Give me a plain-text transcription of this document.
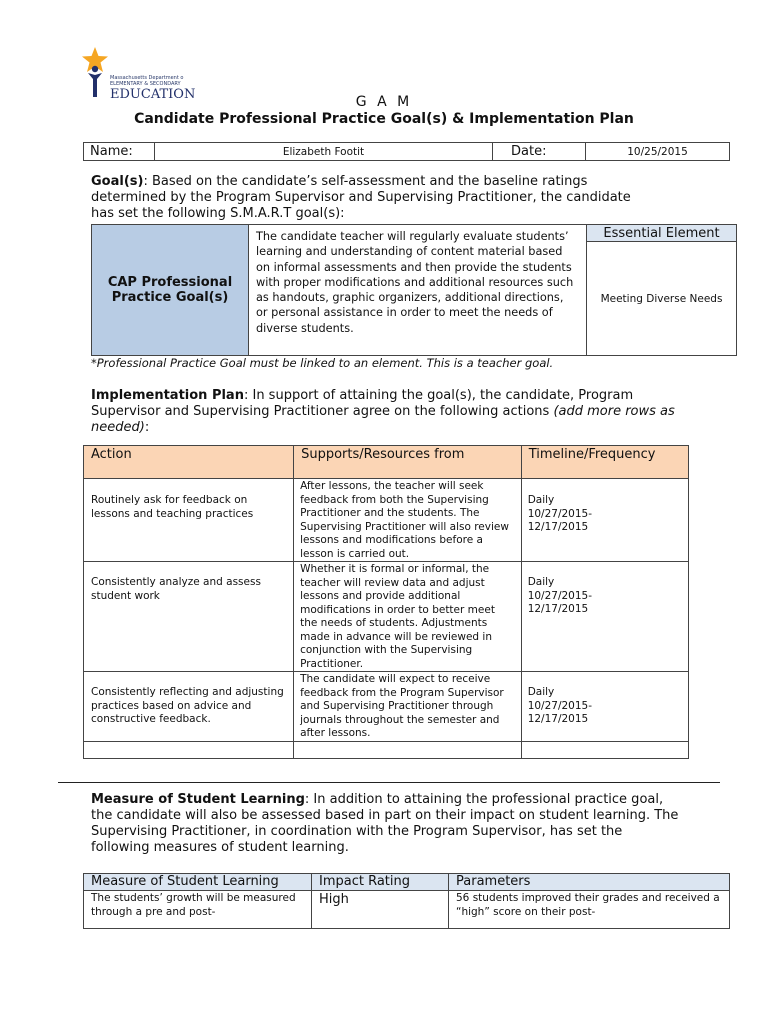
Massachusetts Department o
ELEMENTARY & SECONDARY
EDUCATION	G A M
Candidate Professional Practice Goal(s) & Implementation Plan
Name:	Elizabeth Footit	Date:	10/25/2015
Goal(s): Based on the candidate’s self-assessment and the baseline ratings determined by the Program Supervisor and Supervising Practitioner, the candidate has set the following S.M.A.R.T goal(s):
CAP Professional Practice Goal(s)	The candidate teacher will regularly evaluate students’ learning and understanding of content material based on informal assessments and then provide the students with proper modifications and additional resources such as handouts, graphic organizers, additional directions, or personal assistance in order to meet the needs of diverse students.	Essential Element
Meeting Diverse Needs
*Professional Practice Goal must be linked to an element. This is a teacher goal.
Implementation Plan: In support of attaining the goal(s), the candidate, Program Supervisor and Supervising Practitioner agree on the following actions (add more rows as needed):
Action	Supports/Resources from	Timeline/Frequency
Routinely ask for feedback on lessons and teaching practices	After lessons, the teacher will seek feedback from both the Supervising Practitioner and the students. The Supervising Practitioner will also review lessons and modifications before a lesson is carried out.	Daily 10/27/2015-12/17/2015
Consistently analyze and assess student work	Whether it is formal or informal, the teacher will review data and adjust lessons and provide additional modifications in order to better meet the needs of students. Adjustments made in advance will be reviewed in conjunction with the Supervising Practitioner.	Daily 10/27/2015-12/17/2015
Consistently reflecting and adjusting practices based on advice and constructive feedback.	The candidate will expect to receive feedback from the Program Supervisor and Supervising Practitioner through journals throughout the semester and after lessons.	Daily 10/27/2015-12/17/2015

Measure of Student Learning: In addition to attaining the professional practice goal, the candidate will also be assessed based in part on their impact on student learning. The Supervising Practitioner, in coordination with the Program Supervisor, has set the following measures of student learning.
Measure of Student Learning	Impact Rating	Parameters
The students’ growth will be measured through a pre and post-	High	56 students improved their grades and received a “high” score on their post-
